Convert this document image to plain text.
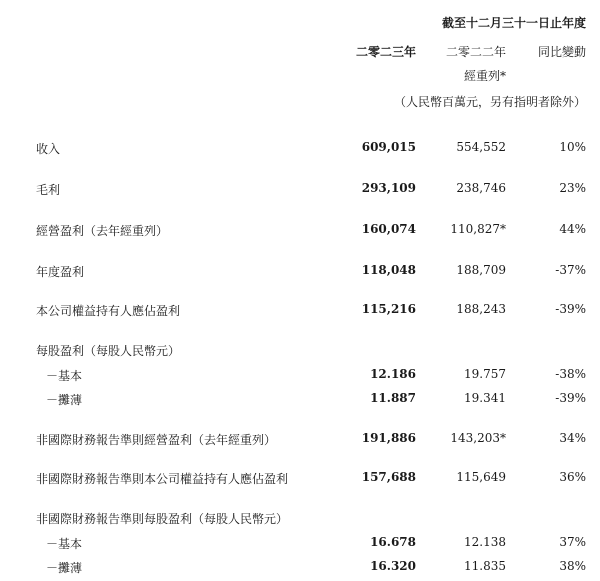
截至十二月三十一日止年度
二零二三年	二零二二年	同比變動
經重列*
（人民幣百萬元，另有指明者除外）
收入	609,015	554,552	10%
毛利	293,109	238,746	23%
經營盈利（去年經重列）	160,074	110,827*	44%
年度盈利	118,048	188,709	-37%
本公司權益持有人應佔盈利	115,216	188,243	-39%
每股盈利（每股人民幣元）
－基本	12.186	19.757	-38%
－攤薄	11.887	19.341	-39%
非國際財務報告準則經營盈利（去年經重列）	191,886	143,203*	34%
非國際財務報告準則本公司權益持有人應佔盈利	157,688	115,649	36%
非國際財務報告準則每股盈利（每股人民幣元）
－基本	16.678	12.138	37%
－攤薄	16.320	11.835	38%
